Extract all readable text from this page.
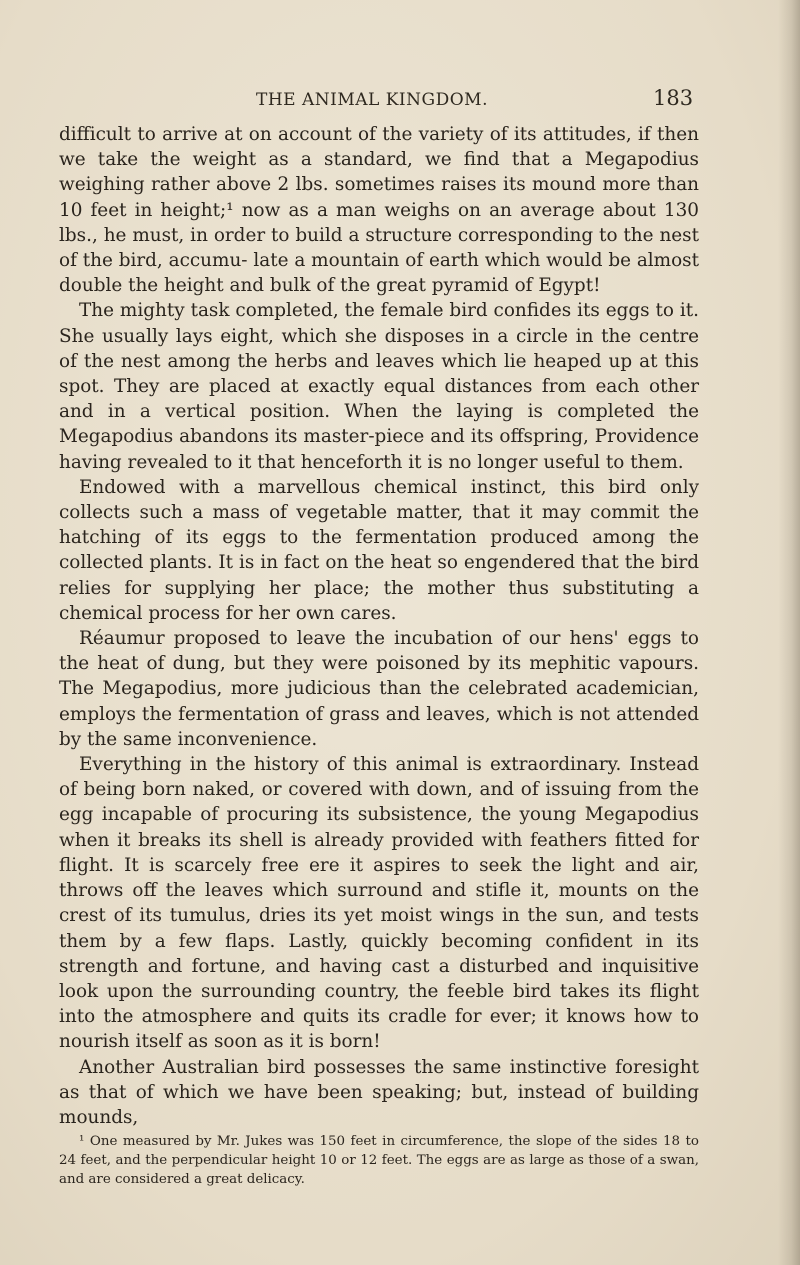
THE ANIMAL KINGDOM.	183

difficult to arrive at on account of the variety of its attitudes, if then we take the weight as a standard, we find that a Megapodius weighing rather above 2 lbs. sometimes raises its mound more than 10 feet in height;¹ now as a man weighs on an average about 130 lbs., he must, in order to build a structure corresponding to the nest of the bird, accumu- late a mountain of earth which would be almost double the height and bulk of the great pyramid of Egypt!

The mighty task completed, the female bird confides its eggs to it. She usually lays eight, which she disposes in a circle in the centre of the nest among the herbs and leaves which lie heaped up at this spot. They are placed at exactly equal distances from each other and in a vertical position. When the laying is completed the Megapodius abandons its master-piece and its offspring, Providence having revealed to it that henceforth it is no longer useful to them.

Endowed with a marvellous chemical instinct, this bird only collects such a mass of vegetable matter, that it may commit the hatching of its eggs to the fermentation produced among the collected plants. It is in fact on the heat so engendered that the bird relies for supplying her place; the mother thus substituting a chemical process for her own cares.

Réaumur proposed to leave the incubation of our hens' eggs to the heat of dung, but they were poisoned by its mephitic vapours. The Megapodius, more judicious than the celebrated academician, employs the fermentation of grass and leaves, which is not attended by the same inconvenience.

Everything in the history of this animal is extraordinary. Instead of being born naked, or covered with down, and of issuing from the egg incapable of procuring its subsistence, the young Megapodius when it breaks its shell is already provided with feathers fitted for flight. It is scarcely free ere it aspires to seek the light and air, throws off the leaves which surround and stifle it, mounts on the crest of its tumulus, dries its yet moist wings in the sun, and tests them by a few flaps. Lastly, quickly becoming confident in its strength and fortune, and having cast a disturbed and inquisitive look upon the surrounding country, the feeble bird takes its flight into the atmosphere and quits its cradle for ever; it knows how to nourish itself as soon as it is born!

Another Australian bird possesses the same instinctive foresight as that of which we have been speaking; but, instead of building mounds,

¹ One measured by Mr. Jukes was 150 feet in circumference, the slope of the sides 18 to 24 feet, and the perpendicular height 10 or 12 feet. The eggs are as large as those of a swan, and are considered a great delicacy.
